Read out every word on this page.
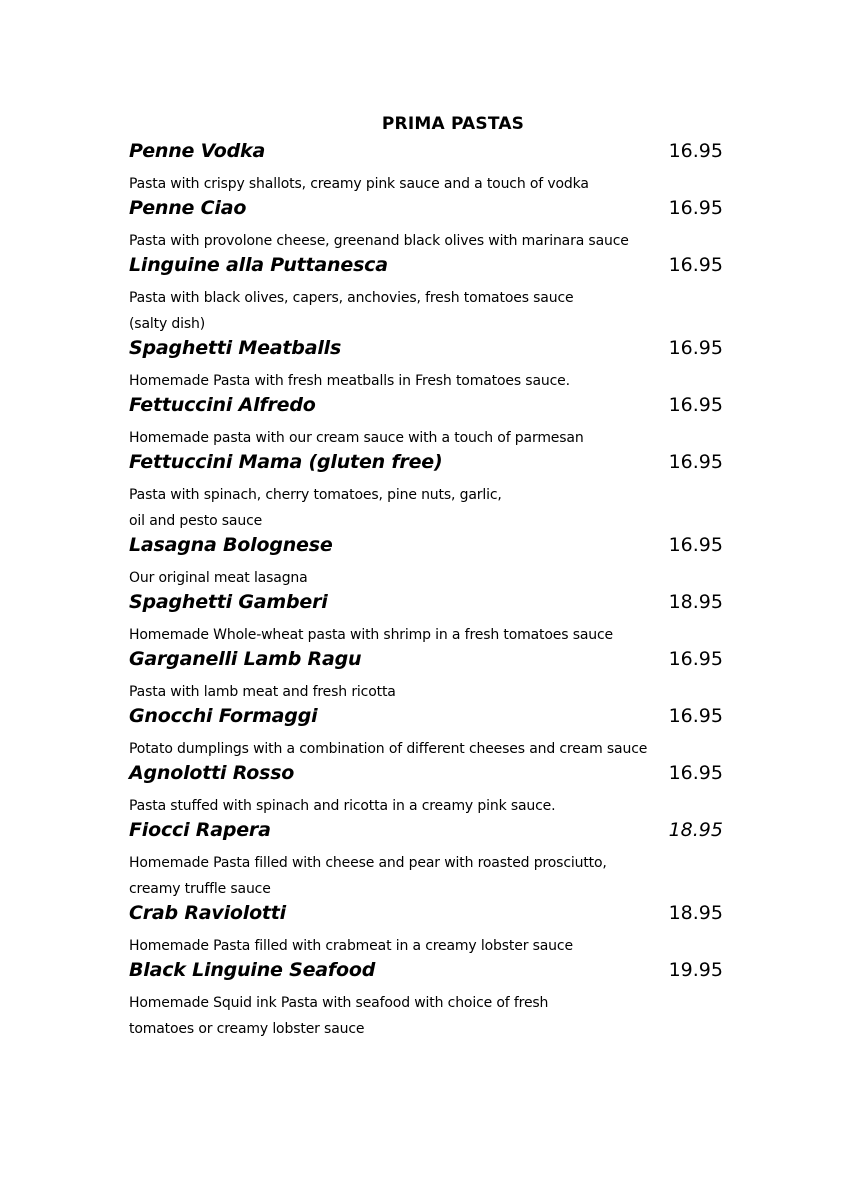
PRIMA PASTAS
Penne Vodka	16.95
Pasta with crispy shallots, creamy pink sauce and a touch of vodka
Penne Ciao	16.95
Pasta with provolone cheese, greenand black olives with marinara sauce
Linguine alla Puttanesca	16.95
Pasta with black olives, capers, anchovies, fresh tomatoes sauce
(salty dish)
Spaghetti Meatballs	16.95
Homemade Pasta with fresh meatballs in Fresh tomatoes sauce.
Fettuccini Alfredo	16.95
Homemade pasta with our cream sauce with a touch of parmesan
Fettuccini Mama (gluten free)	16.95
Pasta with spinach, cherry tomatoes, pine nuts, garlic,
oil and pesto sauce
Lasagna Bolognese	16.95
Our original meat lasagna
Spaghetti Gamberi	18.95
Homemade Whole-wheat pasta with shrimp in a fresh tomatoes sauce
Garganelli Lamb Ragu	16.95
Pasta with lamb meat and fresh ricotta
Gnocchi Formaggi	16.95
Potato dumplings with a combination of different cheeses and cream sauce
Agnolotti Rosso	16.95
Pasta stuffed with spinach and ricotta in a creamy pink sauce.
Fiocci Rapera	18.95
Homemade Pasta filled with cheese and pear with roasted prosciutto,
creamy truffle sauce
Crab Raviolotti	18.95
Homemade Pasta filled with crabmeat in a creamy lobster sauce
Black Linguine Seafood	19.95
Homemade Squid ink Pasta with seafood with choice of fresh
tomatoes or creamy lobster sauce
